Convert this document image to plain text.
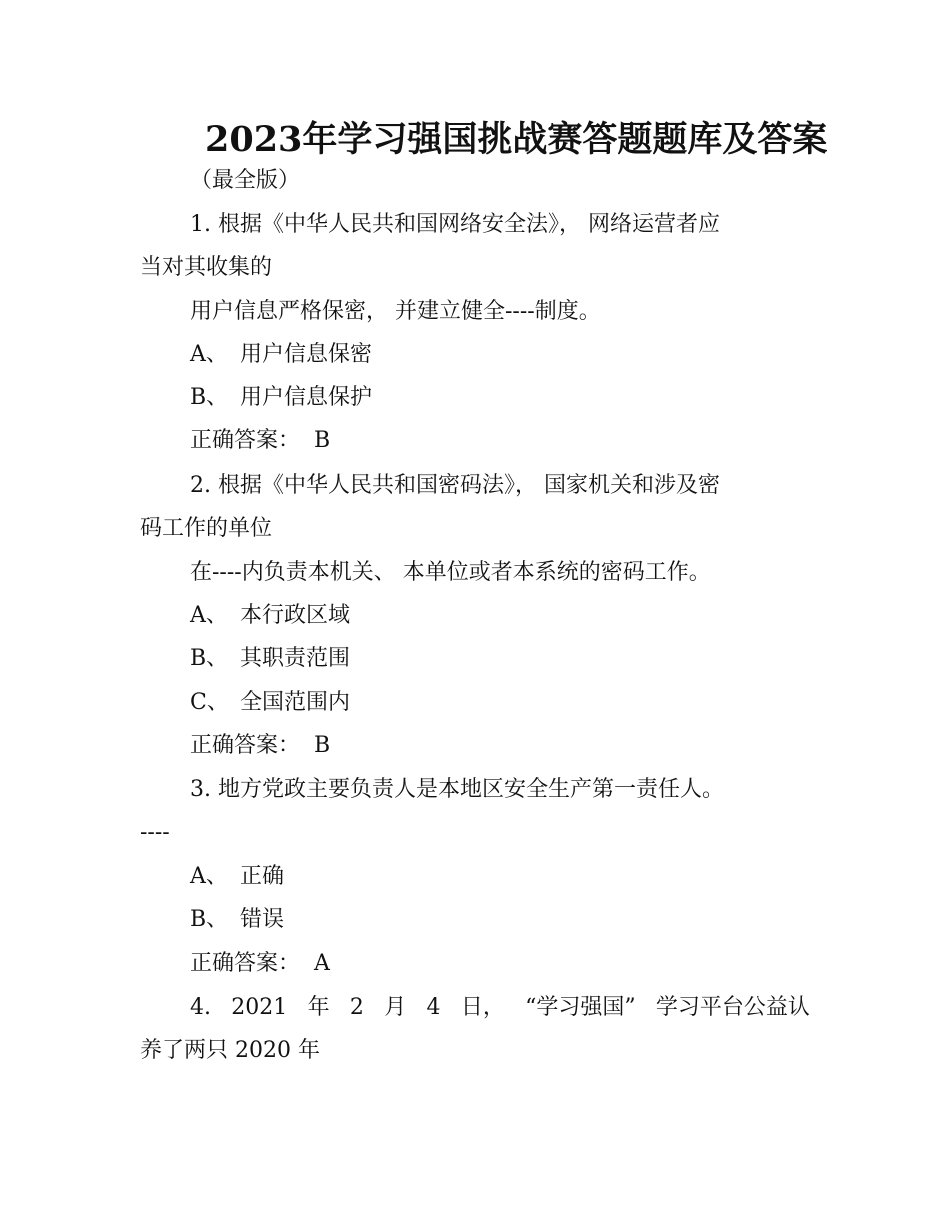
2023年学习强国挑战赛答题题库及答案
（最全版）
1. 根据《中华人民共和国网络安全法》， 网络运营者应
当对其收集的
用户信息严格保密， 并建立健全----制度。
A、 用户信息保密
B、 用户信息保护
正确答案： B
2. 根据《中华人民共和国密码法》， 国家机关和涉及密
码工作的单位
在----内负责本机关、 本单位或者本系统的密码工作。
A、 本行政区域
B、 其职责范围
C、 全国范围内
正确答案： B
3. 地方党政主要负责人是本地区安全生产第一责任人。
----
A、 正确
B、 错误
正确答案： A
4. 2021 年 2 月 4 日， “学习强国” 学习平台公益认
养了两只 2020 年
